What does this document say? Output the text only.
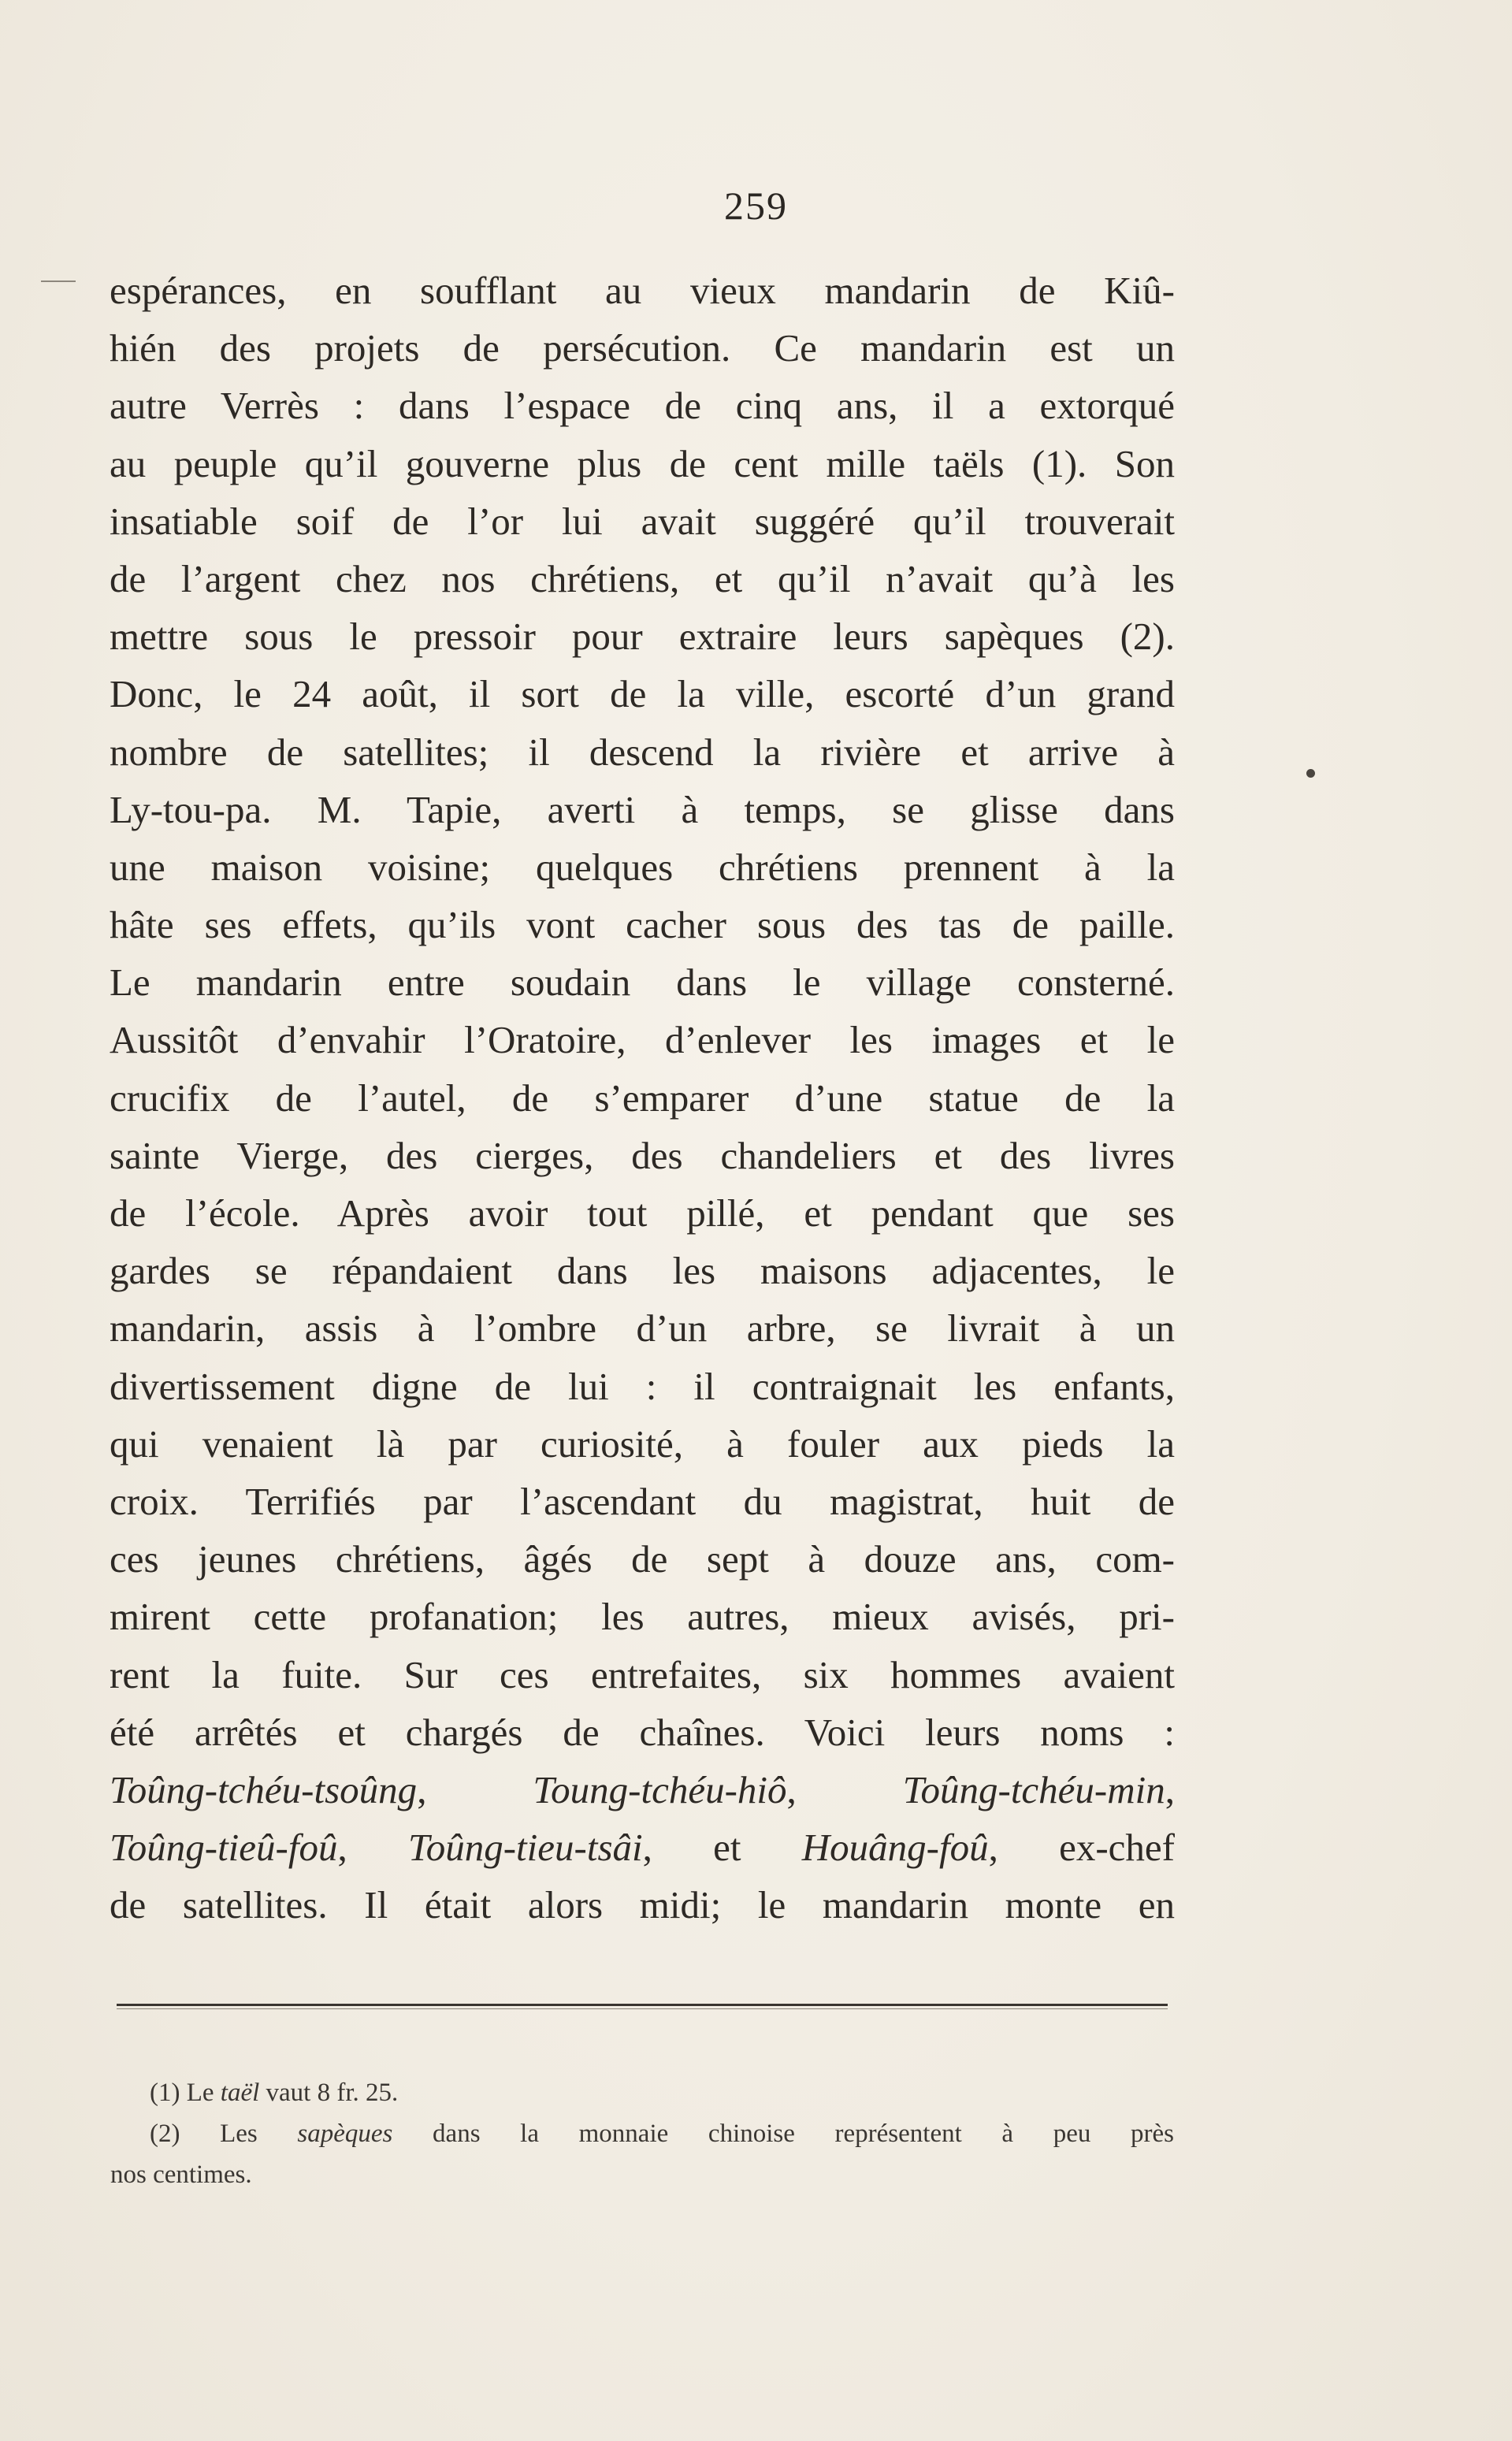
259
espérances, en soufflant au vieux mandarin de Kiû-
hién des projets de persécution. Ce mandarin est un
autre Verrès : dans l’espace de cinq ans, il a extorqué
au peuple qu’il gouverne plus de cent mille taëls (1). Son
insatiable soif de l’or lui avait suggéré qu’il trouverait
de l’argent chez nos chrétiens, et qu’il n’avait qu’à les
mettre sous le pressoir pour extraire leurs sapèques (2).
Donc, le 24 août, il sort de la ville, escorté d’un grand
nombre de satellites; il descend la rivière et arrive à
Ly-tou-pa. M. Tapie, averti à temps, se glisse dans
une maison voisine; quelques chrétiens prennent à la
hâte ses effets, qu’ils vont cacher sous des tas de paille.
Le mandarin entre soudain dans le village consterné.
Aussitôt d’envahir l’Oratoire, d’enlever les images et le
crucifix de l’autel, de s’emparer d’une statue de la
sainte Vierge, des cierges, des chandeliers et des livres
de l’école. Après avoir tout pillé, et pendant que ses
gardes se répandaient dans les maisons adjacentes, le
mandarin, assis à l’ombre d’un arbre, se livrait à un
divertissement digne de lui : il contraignait les enfants,
qui venaient là par curiosité, à fouler aux pieds la
croix. Terrifiés par l’ascendant du magistrat, huit de
ces jeunes chrétiens, âgés de sept à douze ans, com-
mirent cette profanation; les autres, mieux avisés, pri-
rent la fuite. Sur ces entrefaites, six hommes avaient
été arrêtés et chargés de chaînes. Voici leurs noms :
Toûng-tchéu-tsoûng, Toung-tchéu-hiô, Toûng-tchéu-min,
Toûng-tieû-foû, Toûng-tieu-tsâi, et Houâng-foû, ex-chef
de satellites. Il était alors midi; le mandarin monte en
(1) Le taël vaut 8 fr. 25.
(2) Les sapèques dans la monnaie chinoise représentent à peu près
nos centimes.
